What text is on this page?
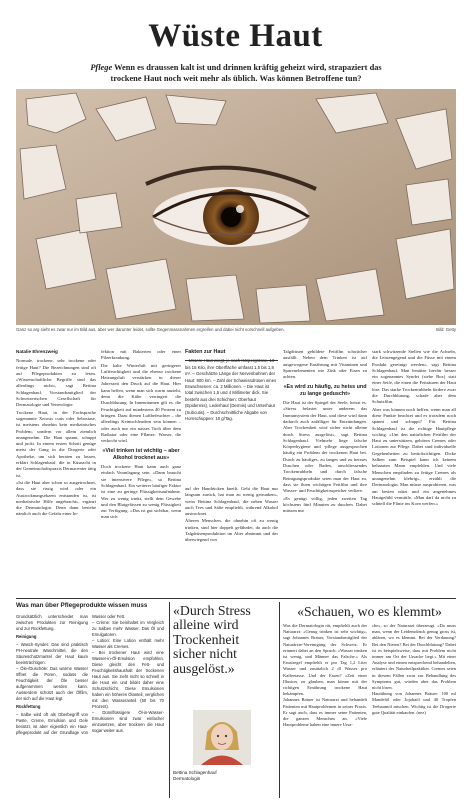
Wüste Haut
Pflege Wenn es draussen kalt ist und drinnen kräftig geheizt wird, strapaziert das trockene Haut noch weit mehr als üblich. Was können Betroffene tun?
Ganz so arg sieht es zwar nur im Bild aus, aber wer darunter leidet, sollte Gegenmassnahmen ergreifen und dabei nicht vorschnell aufgeben.	Bild: Getty
Natalie Ehrenzweig

Normale, trockene, sehr trockene oder fettige Haut? Die Bezeichnungen sind oft auf Pflegeprodukten zu lesen. «Wissenschaftliche Begriffe sind das allerdings nicht», sagt Bettina Schlagenhauf, Vorstandsmitglied der Schweizerischen Gesellschaft für Dermatologie und Venerologie.

Trockene Haut, in der Fachsprache sogenannte Xerosis cutis oder Sebostase, ist meistens ohnehin kein medizinisches Problem, sondern vor allem ziemlich unangenehm. Die Haut spannt, schuppt und juckt. In einem ersten Schritt genüge meist der Gang in die Drogerie oder Apotheke, um sich beraten zu lassen, erklärt Schlagenhauf, die in Küsnacht in der Gemeinschaftspraxis Dermacenter tätig ist.

«Ist die Haut aber schon so ausgetrocknet, dass sie rissig wird oder ein Austrocknungsekzem entstanden ist, ist medizinische Hilfe angebracht», ergänzt die Dermatologin. Denn dann bestehe nämlich auch die Gefahr einer In-

fektion mit Bakterien oder einer Pilzerkrankung.

Die kalte Winterluft mit geringerer Luftfeuchtigkeit und die ebenso trockene Heizungsluft verstärken in dieser Jahreszeit den Druck auf die Haut. Hier kann helfen, wenn man sich warm anzieht, denn die Kälte verringert die Durchblutung. In Innenräumen gilt es, die Feuchtigkeit auf mindestens 40 Prozent zu bringen. Dazu dienen Luftbefeuchter – die allerdings Keimschleudern sein können – oder auch nur ein nasses Tuch über dem Radiator oder eine Pflanze. Wasser, die verkocht wird.

«Viel trinken ist wichtig – aber Alkohol trocknet aus»

Doch trockene Haut kann auch ganz einfach Veranlagung sein. «Dann braucht sie intensivere Pflege», so Bettina Schlagenhauf. Ein weiterer häufiger Faktor ist eine zu geringe Flüssigkeitsaufnahme. Wer zu wenig trinkt, stellt dem Gewebe und den Blutgefässen zu wenig Flüssigkeit zur Verfügung. «Das ist gut sichtbar, wenn man sich

Fakten zur Haut
– Unsere Haut wiegt, je nach Körpergrösse, 10 bis 15 Kilo, ihre Oberfläche umfasst 1,5 bis 1,8 m². – Geschätzte Länge der Nervenbahnen der Haut: 800 km. – Zahl der Schweissdrüsen eines Erwachsenen: ca. 2 Millionen. – Die Haut ist total zwischen 1,5 und 4 Millimeter dick. Sie besteht aus drei Schichten: Oberhaut (Epidermis), Lederhaut (Dermis) und Unterhaut (Subcutis). – Durchschnittliche Abgabe von Hornschuppen: 10 g/Tag.

auf der Handrücken kneift. Geht die Haut nur langsam zurück, hat man zu wenig getrunken», weiss Bettina Schlagenhauf, die neben Wasser auch Tees und Säfte empfiehlt, während Alkohol austrocknet.

Älteren Menschen, die ohnehin oft zu wenig trinken, sind hier doppelt gefährdet, da auch die Talgdrüsenproduktion im Alter abnimmt und der überwiegend von

Talgdrüsen gebildete Fettfilm schwächer ausfällt. Neben dem Trinken ist auf ausgewogene Ernährung mit Vitaminen und Spurenelementen wie Zink oder Eisen zu achten.

«Es wird zu häufig, zu heiss und zu lange geduscht»

Die Haut ist der Spiegel der Seele, heisst es. «Stress belastet unter anderem das Immunsystem der Haut, und diese wird dann dadurch auch anfälliger für Entzündungen. Aber Trockenheit wird sicher nicht alleine durch Stress ausgelöst», sagt Bettina Schlagenhauf. Vielmehr liege falsche Körperhygiene und -pflege ausgesprochen häufig ein Problem der trockenen Haut bei. Durch zu häufiges, zu langes und zu heisses Duschen oder Baden, anschliessendes Trockenrubbeln und durch falsche Reinigungsprodukte seien man der Haut zu, dass sie ihren wichtigen Fettfilm und ihre Wasser- und Feuchtigkeitsspeicher verliere.

«Es genügt völlig, jeden zweiten Tag höchstens fünf Minuten zu duschen. Dabei müssen nur

stark schwitzende Stellen wie die Achseln, die Leistengegend und die Füsse mit einem Produkt gereinigt werden», sagt Bettina Schlagenhauf. Man benütze hierfür besser ein sogenanntes Syndet (siehe Box) statt einer Seife, die einen die Fettsäuren der Haut löse. Das starke Trockenrubbeln fördere zwar die Durchblutung, schade aber dem Schutzfilm.

Aber was können noch helfen, wenn man all diese Punkte beachtet und es trotzdem noch spannt und schuppt? Für Bettina Schlagenhauf ist die richtige Hautpflege wichtig. «Um den natürlichen Fettfilm der Haut zu unterstützen, gehören Cremes oder Lotionen zur Pflege. Dabei sind individuelle Gegebenheiten zu berücksichtigen. Dicke Salben zum Beispiel kann ich keinem behaarten Mann empfehlen. Und viele Menschen empfinden zu fettige Cremes als unangenehm klebrig», erzählt die Dermatologin. Man müsse ausprobieren, was am besten nützt und ein angenehmes Hautgefühl vermittle. «Man darf da nicht zu schnell die Flinte ins Korn werfen.»

Was man über Pflegeprodukte wissen muss
Grundsätzlich unterscheidet man zwischen Produkten zur Reinigung und zur Rückfettung.
Reinigung
– Wasch-Syndet: Das sind praktisch PH-neutrale Waschmittel, die den Säureschutzmantel der Haut kaum beeinträchtigen.
– Öle-/Duschöle: Das warme Wasser öffnet die Poren, sodass die Feuchtigkeit der Öle besser aufgenommen werden kann. Ausserdem schützt auch der Ölfilm, der sich auf die Haut legt.
Rückfettung
– Salbe wird oft als Oberbegriff von Paste, Creme, Emulsion und Gele benützt, ist aber eigentlich ein Haut-pflegeprodukt auf der Grundlage von Wasser oder Fett.
– Crème: Sie beinhaltet im Vergleich zu Salben mehr Wasser. Das Öl und Emulgatoren.
– Lotion: Eine Lotion enthält mehr Wasser als Cremes.
– Bei trockener Haut wird eine Wasser-in-Öl-Emulsion empfohlen. Diese gleicht den Fett- und Feuchtigkeitshaushalt der trockenen Haut aus. Sie zieht nicht so schnell in die Haut ein und bildet daher eine Schutzschicht. Diese Emulsionen haben ein höheres Ölanteil, verglichen mit den Wasseranteil (50 bis 70 Prozent).
– Dünnflüssigere Öl-in-Wasser-Emulsionen sind zwar einfacher einzusetzen, aber trocknen die Haut sogar weiter aus.
«Durch Stress alleine wird Trockenheit sicher nicht ausgelöst.»
Bettina Schlagenhauf
Dermatologin
«Schauen, wo es klemmt»

Was die Dermatologin rät, empfiehlt auch der Naturarzt: «Genug trinken ist sehr wichtig», sagt Johannes Bräuer, Vorstandsmitglied der Naturärzte-Vereinigung der Schweiz. Er erinnert dabei an den Spruch: «Wasser trinken ist wenig, und Männer das Falsche.» Als Faustregel empfiehlt er pro Tag 1,2 Liter Wasser und zusätzlich 2 dl Wasser pro Kaffeetasse. Und der Essen? «Zeit einer Illusion, zu glauben, man könne mit der richtigen Ernährung trockene Haut bekämpfen.

Johannes Bräuer ist Naturarzt und behandelt Patienten mit Hautproblemen in seiner Praxis. Er sagt auch, dass es immer seine Patienten, die ganzen Menschen an. «Viele Hautprobleme haben eine innere Ursa-

che», so der Naturarzt überzeugt. «Da muss man, wenn der Leidensdruck genug gross ist, ablären, wo es klemmt. Bei der Verdauung? Bei den Nieren? Bei der Durchblutung? Dabei ist es beispielsweise, dass mit Problem nicht immer am Ort der Ursache liegt.» Mit einer Analyse und einem entsprechend behandelten, erläutert der Naturheilpraktiker. Cremes seien in diesem Fällen zwar zur Behandlung des Symptoms gut, würden aber das Problem nicht lösen.

Hautübung von Johannes Bräuer: 100 ml Mandelöl oder Jojobaöl und 40 Tropfen Teebaumöl mischen. Wichtig ist die Drogerie gute Qualität einkaufen. (nez)
